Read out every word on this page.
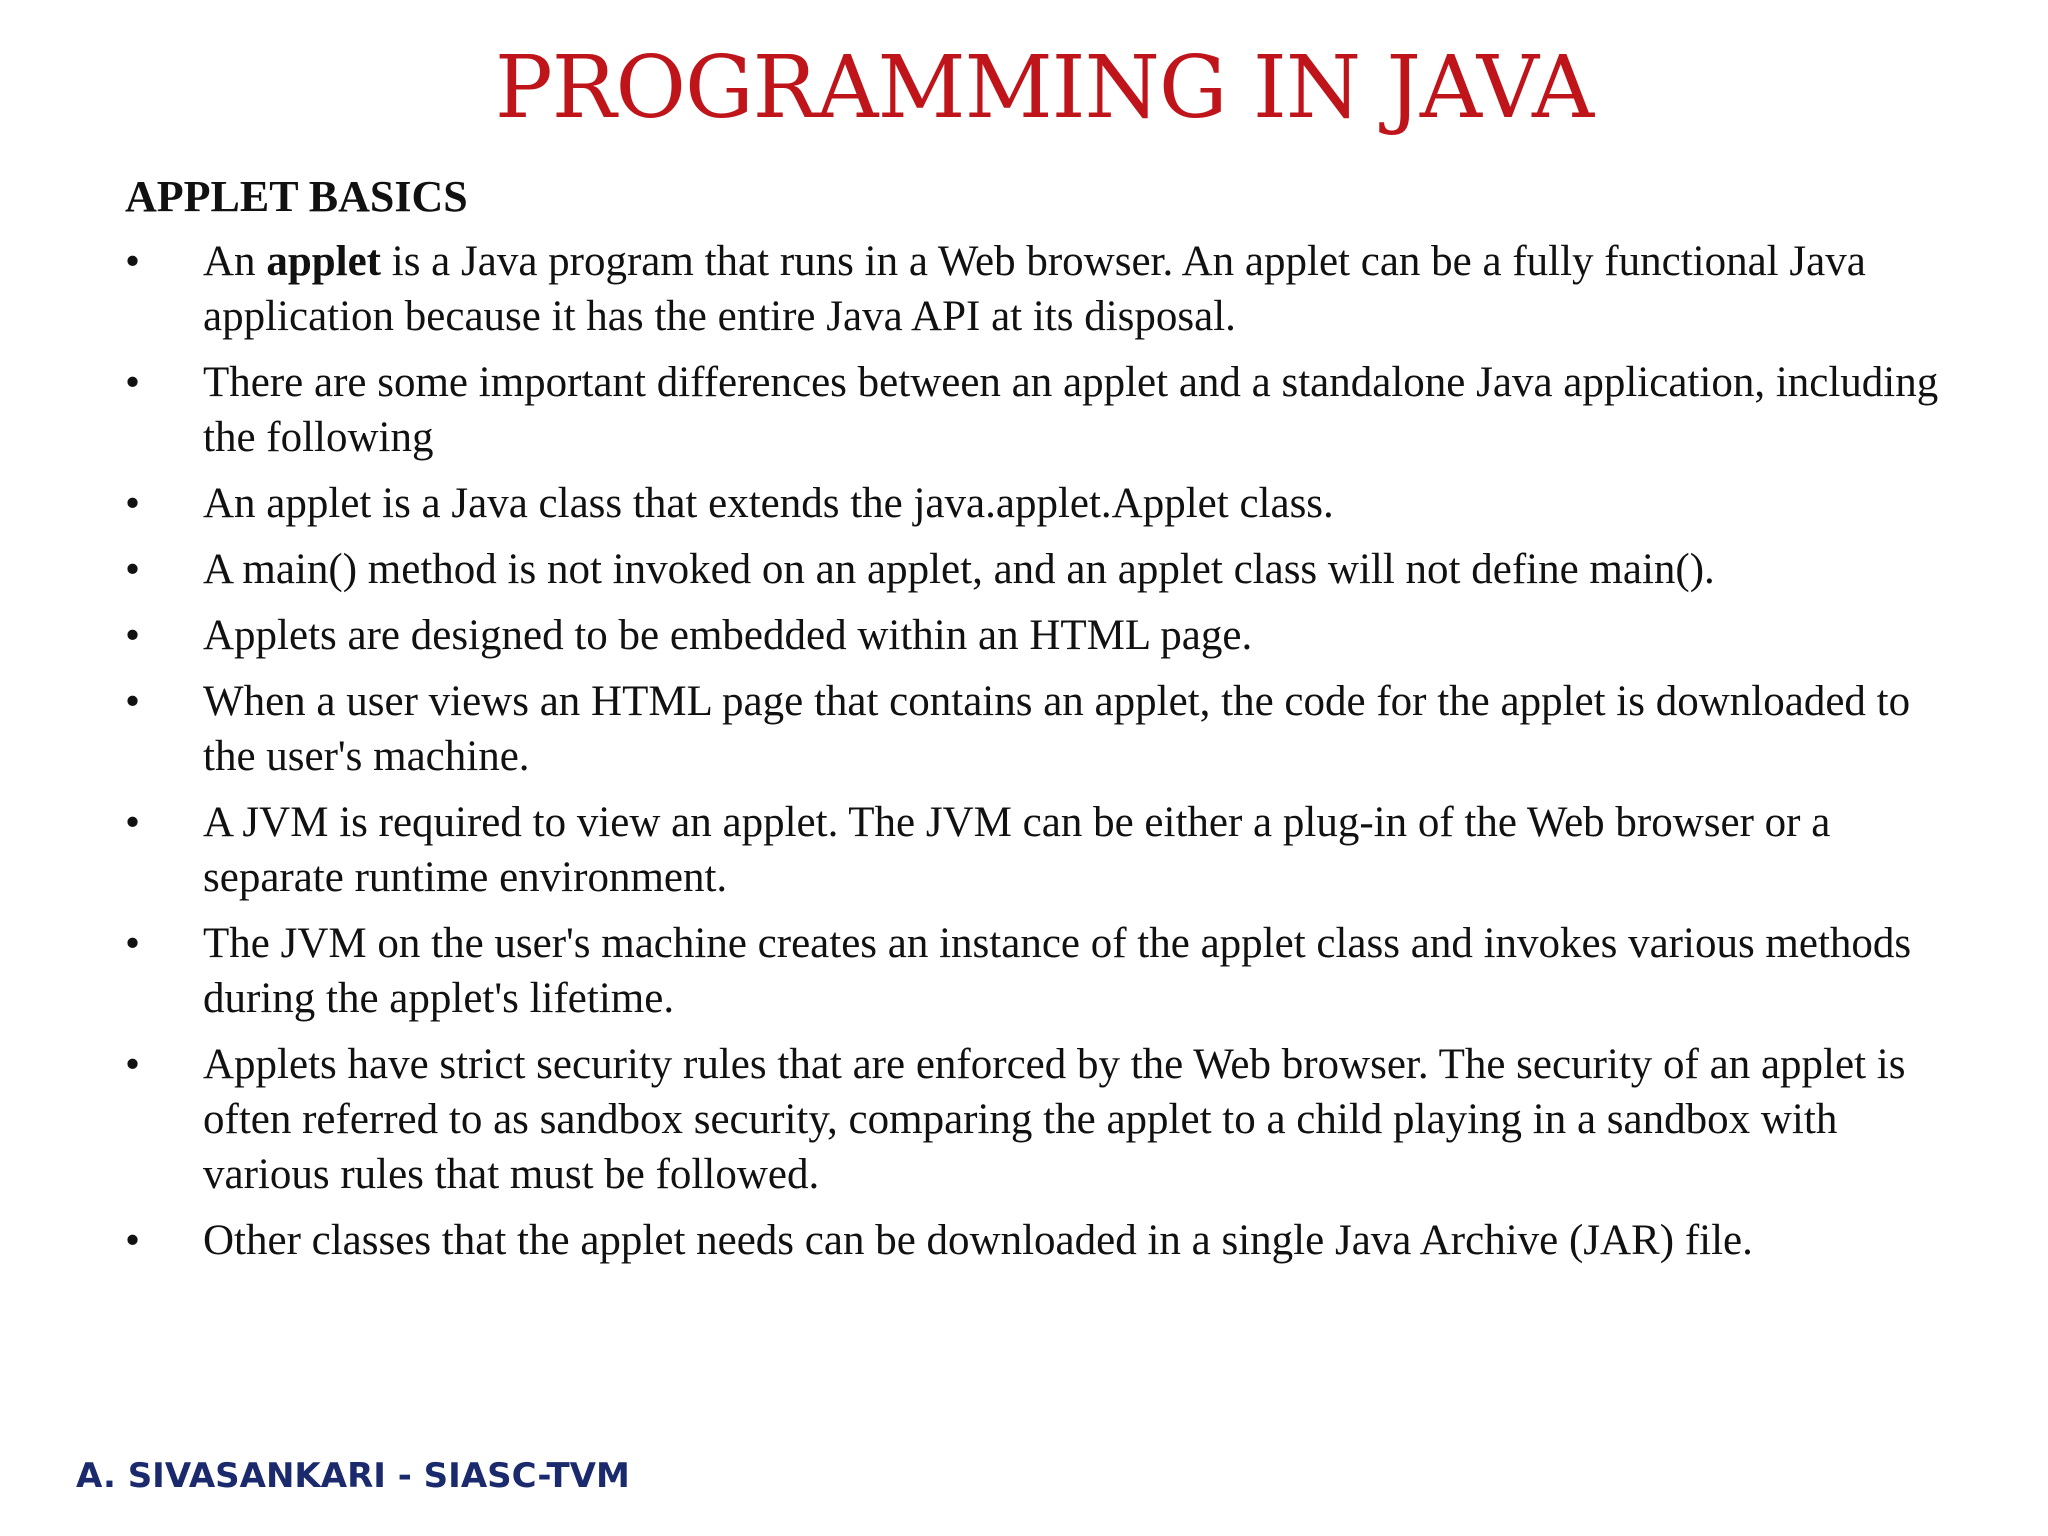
PROGRAMMING IN JAVA
APPLET BASICS
•	An applet is a Java program that runs in a Web browser. An applet can be a fully functional Java application because it has the entire Java API at its disposal.
•	There are some important differences between an applet and a standalone Java application, including the following
•	An applet is a Java class that extends the java.applet.Applet class.
•	A main() method is not invoked on an applet, and an applet class will not define main().
•	Applets are designed to be embedded within an HTML page.
•	When a user views an HTML page that contains an applet, the code for the applet is downloaded to the user's machine.
•	A JVM is required to view an applet. The JVM can be either a plug-in of the Web browser or a separate runtime environment.
•	The JVM on the user's machine creates an instance of the applet class and invokes various methods during the applet's lifetime.
•	Applets have strict security rules that are enforced by the Web browser. The security of an applet is often referred to as sandbox security, comparing the applet to a child playing in a sandbox with various rules that must be followed.
•	Other classes that the applet needs can be downloaded in a single Java Archive (JAR) file.
A. SIVASANKARI - SIASC-TVM
